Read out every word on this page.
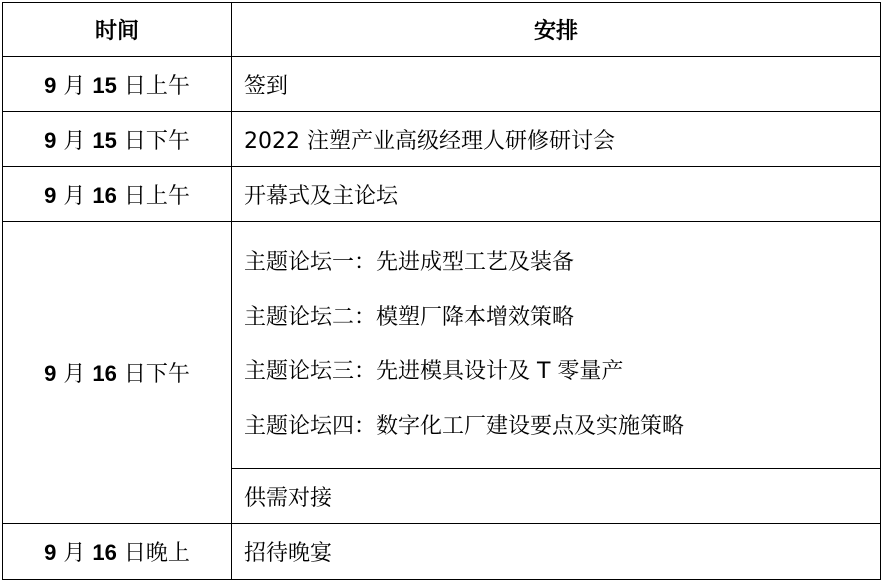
时间	安排
9 月 15 日上午	签到
9 月 15 日下午	2022 注塑产业高级经理人研修研讨会
9 月 16 日上午	开幕式及主论坛
9 月 16 日下午	主题论坛一：先进成型工艺及装备
主题论坛二：模塑厂降本增效策略
主题论坛三：先进模具设计及 T 零量产
主题论坛四：数字化工厂建设要点及实施策略

	供需对接
9 月 16 日晚上	招待晚宴
